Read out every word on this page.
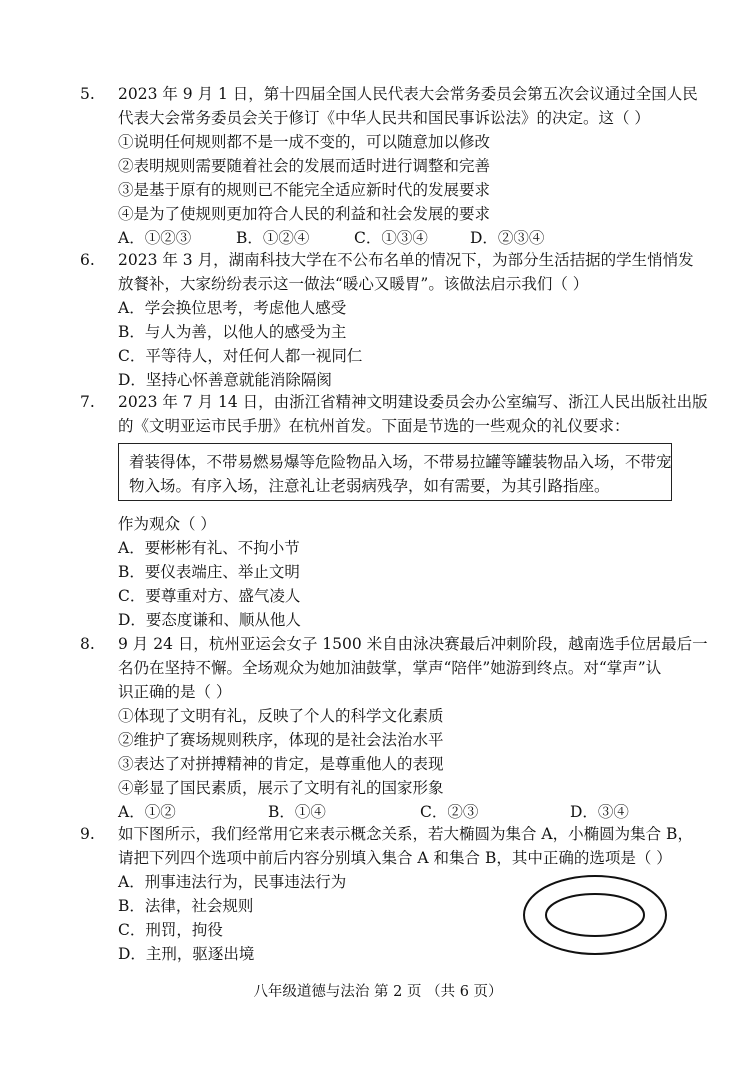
5.	2023 年 9 月 1 日，第十四届全国人民代表大会常务委员会第五次会议通过全国人民
代表大会常务委员会关于修订《中华人民共和国民事诉讼法》的决定。这（ ）
①说明任何规则都不是一成不变的，可以随意加以修改
②表明规则需要随着社会的发展而适时进行调整和完善
③是基于原有的规则已不能完全适应新时代的发展要求
④是为了使规则更加符合人民的利益和社会发展的要求
A．①②③	B．①②④	C．①③④	D．②③④
6.	2023 年 3 月，湖南科技大学在不公布名单的情况下，为部分生活拮据的学生悄悄发
放餐补，大家纷纷表示这一做法“暖心又暖胃”。该做法启示我们（ ）
A．学会换位思考，考虑他人感受
B．与人为善，以他人的感受为主
C．平等待人，对任何人都一视同仁
D．坚持心怀善意就能消除隔阂
7.	2023 年 7 月 14 日，由浙江省精神文明建设委员会办公室编写、浙江人民出版社出版
的《文明亚运市民手册》在杭州首发。下面是节选的一些观众的礼仪要求：
着装得体，不带易燃易爆等危险物品入场，不带易拉罐等罐装物品入场，不带宠
物入场。有序入场，注意礼让老弱病残孕，如有需要，为其引路指座。
作为观众（ ）
A．要彬彬有礼、不拘小节
B．要仪表端庄、举止文明
C．要尊重对方、盛气凌人
D．要态度谦和、顺从他人
8.	9 月 24 日，杭州亚运会女子 1500 米自由泳决赛最后冲刺阶段，越南选手位居最后一
名仍在坚持不懈。全场观众为她加油鼓掌，掌声“陪伴”她游到终点。对“掌声”认
识正确的是（ ）
①体现了文明有礼，反映了个人的科学文化素质
②维护了赛场规则秩序，体现的是社会法治水平
③表达了对拼搏精神的肯定，是尊重他人的表现
④彰显了国民素质，展示了文明有礼的国家形象
A．①②	B．①④	C．②③	D．③④
9.	如下图所示，我们经常用它来表示概念关系，若大椭圆为集合 A，小椭圆为集合 B，
请把下列四个选项中前后内容分别填入集合 A 和集合 B，其中正确的选项是（ ）
A．刑事违法行为，民事违法行为
B．法律，社会规则
C．刑罚，拘役
D．主刑，驱逐出境
八年级道德与法治 第 2 页 （共 6 页）
